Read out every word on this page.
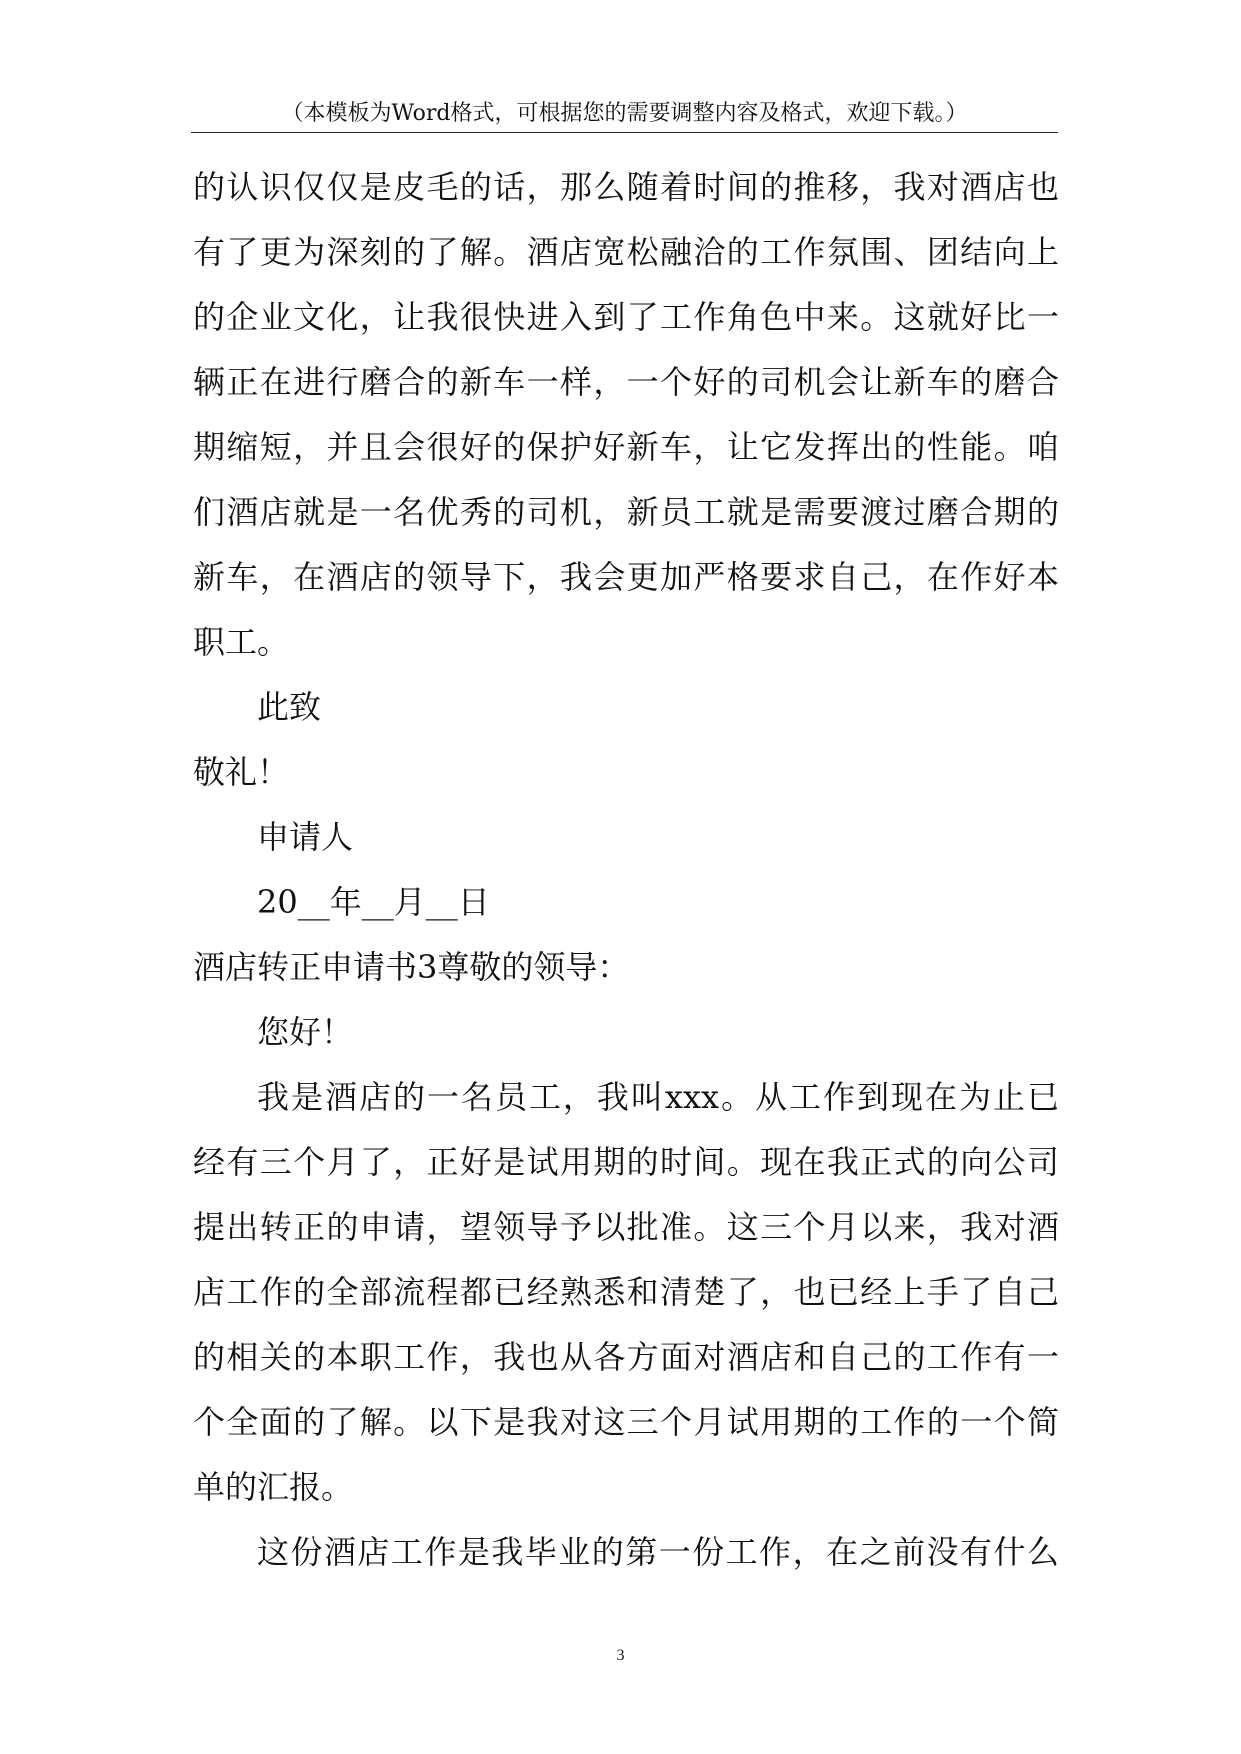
（本模板为Word格式，可根据您的需要调整内容及格式，欢迎下载。）
的认识仅仅是皮毛的话，那么随着时间的推移，我对酒店也
有了更为深刻的了解。酒店宽松融洽的工作氛围、团结向上
的企业文化，让我很快进入到了工作角色中来。这就好比一
辆正在进行磨合的新车一样，一个好的司机会让新车的磨合
期缩短，并且会很好的保护好新车，让它发挥出的性能。咱
们酒店就是一名优秀的司机，新员工就是需要渡过磨合期的
新车，在酒店的领导下，我会更加严格要求自己，在作好本
职工。
此致
敬礼！
申请人
20__年__月__日
酒店转正申请书3尊敬的领导：
您好！
我是酒店的一名员工，我叫xxx。从工作到现在为止已
经有三个月了，正好是试用期的时间。现在我正式的向公司
提出转正的申请，望领导予以批准。这三个月以来，我对酒
店工作的全部流程都已经熟悉和清楚了，也已经上手了自己
的相关的本职工作，我也从各方面对酒店和自己的工作有一
个全面的了解。以下是我对这三个月试用期的工作的一个简
单的汇报。
这份酒店工作是我毕业的第一份工作，在之前没有什么
3
